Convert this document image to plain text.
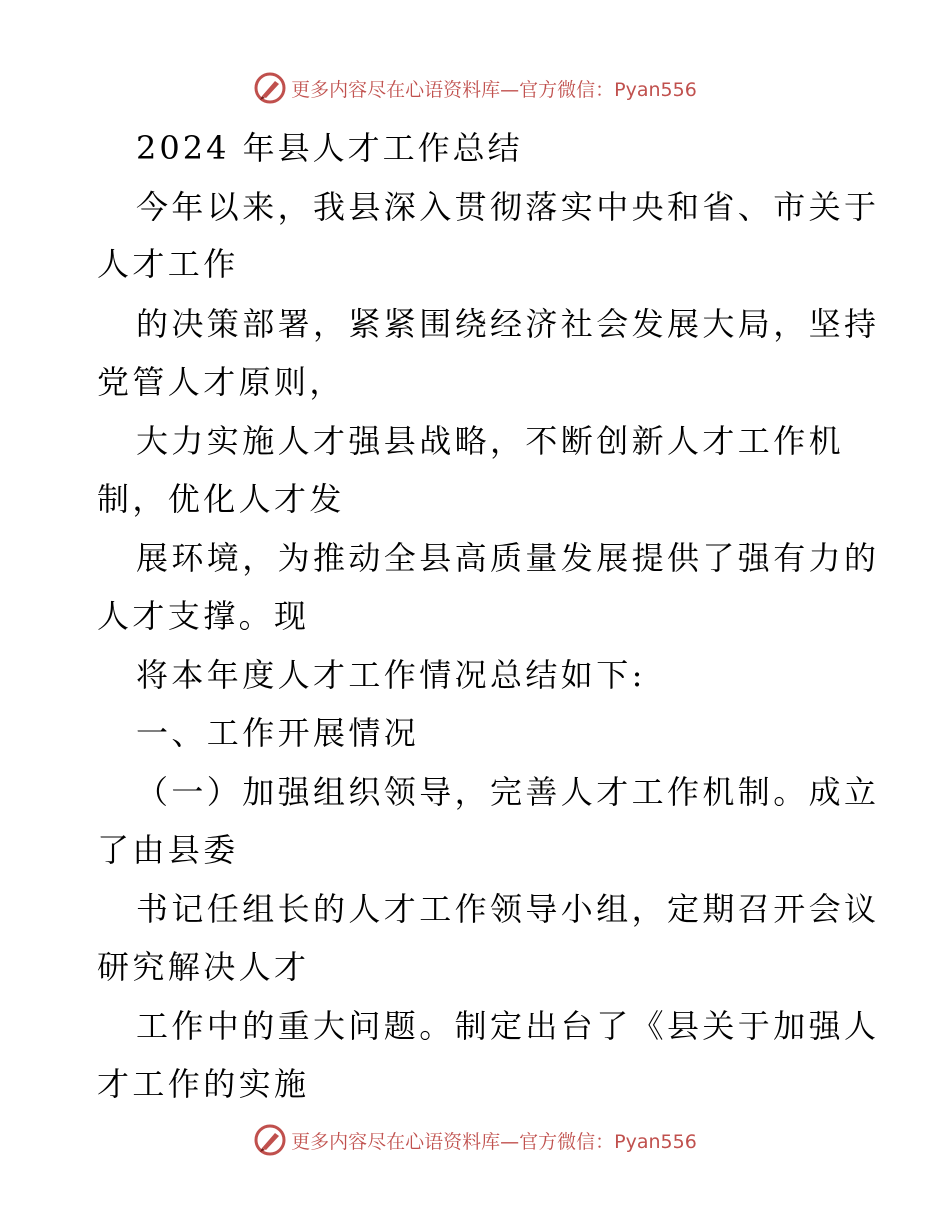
更多内容尽在心语资料库—官方微信：Pyan556
2024 年县人才工作总结
今年以来，我县深入贯彻落实中央和省、市关于
人才工作
的决策部署，紧紧围绕经济社会发展大局，坚持
党管人才原则，
大力实施人才强县战略，不断创新人才工作机
制，优化人才发
展环境，为推动全县高质量发展提供了强有力的
人才支撑。现
将本年度人才工作情况总结如下:
一、工作开展情况
（一）加强组织领导，完善人才工作机制。成立
了由县委
书记任组长的人才工作领导小组，定期召开会议
研究解决人才
工作中的重大问题。制定出台了《县关于加强人
才工作的实施
更多内容尽在心语资料库—官方微信：Pyan556
